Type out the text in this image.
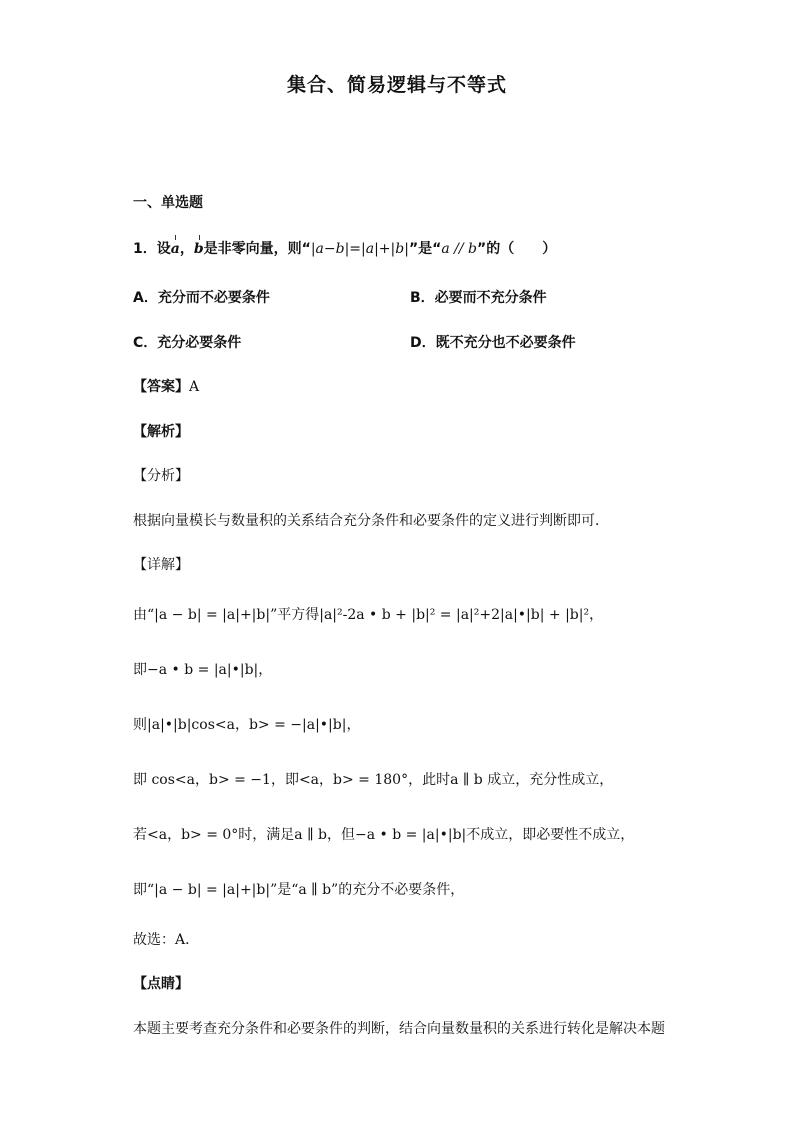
集合、简易逻辑与不等式
一、单选题
1．设a，b是非零向量，则“|a−b|=|a|+|b|”是“a // b”的（　　）
A．充分而不必要条件	B．必要而不充分条件
C．充分必要条件	D．既不充分也不必要条件
【答案】A
【解析】
【分析】
根据向量模长与数量积的关系结合充分条件和必要条件的定义进行判断即可．
【详解】
由“|a − b| = |a|+|b|”平方得|a|²-2a • b + |b|² = |a|²+2|a|•|b| + |b|²，
即−a • b = |a|•|b|，
则|a|•|b|cos<a，b> = −|a|•|b|，
即 cos<a，b> = −1，即<a，b> = 180°，此时a ∥ b 成立，充分性成立，
若<a，b> = 0°时，满足a ∥ b，但−a • b = |a|•|b|不成立，即必要性不成立，
即“|a − b| = |a|+|b|”是“a ∥ b”的充分不必要条件，
故选：A．
【点睛】
本题主要考查充分条件和必要条件的判断，结合向量数量积的关系进行转化是解决本题
